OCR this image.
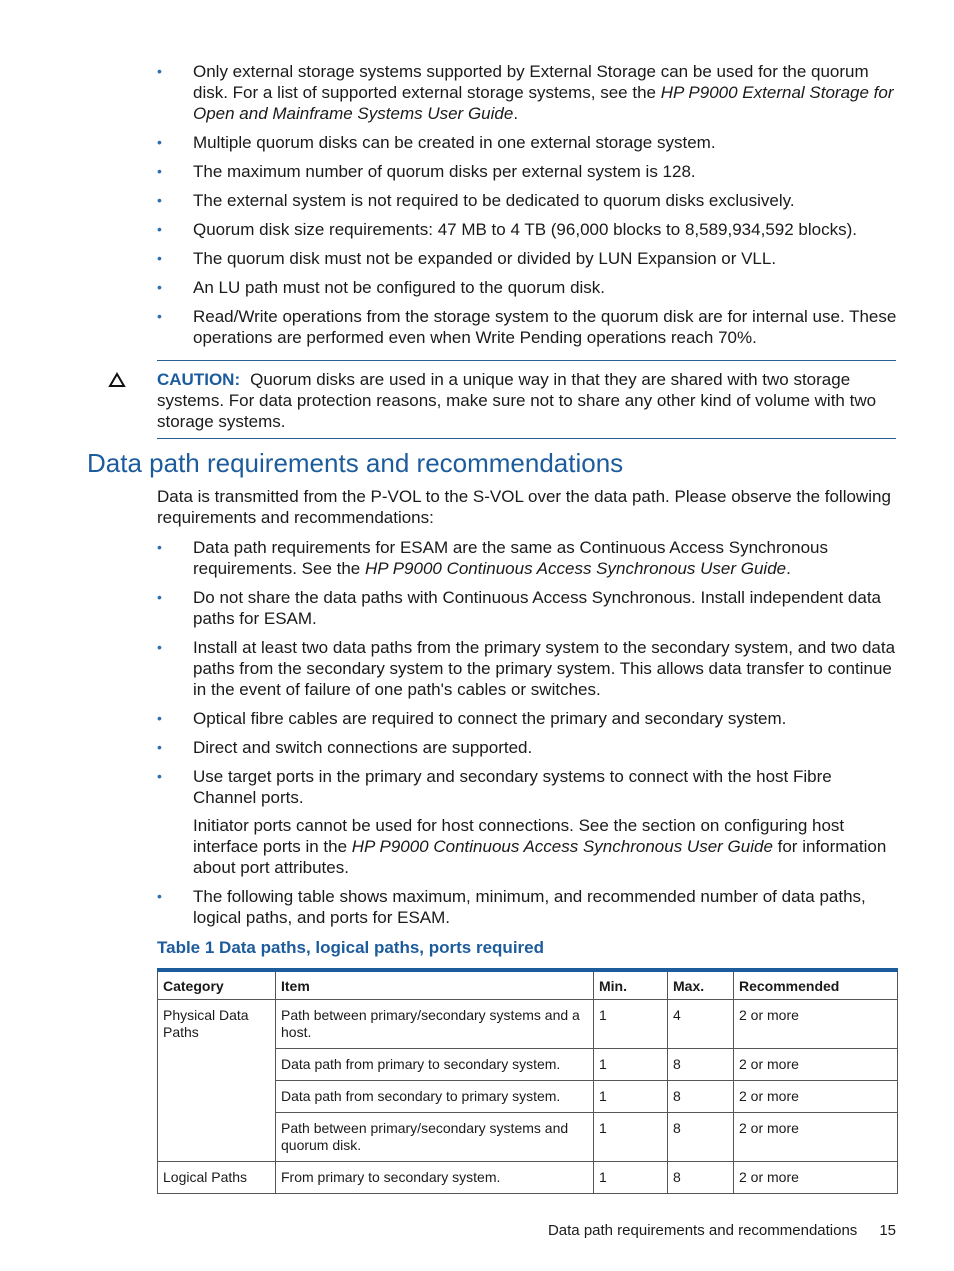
• Only external storage systems supported by External Storage can be used for the quorum disk. For a list of supported external storage systems, see the HP P9000 External Storage for Open and Mainframe Systems User Guide.
• Multiple quorum disks can be created in one external storage system.
• The maximum number of quorum disks per external system is 128.
• The external system is not required to be dedicated to quorum disks exclusively.
• Quorum disk size requirements: 47 MB to 4 TB (96,000 blocks to 8,589,934,592 blocks).
• The quorum disk must not be expanded or divided by LUN Expansion or VLL.
• An LU path must not be configured to the quorum disk.
• Read/Write operations from the storage system to the quorum disk are for internal use. These operations are performed even when Write Pending operations reach 70%.
CAUTION: Quorum disks are used in a unique way in that they are shared with two storage systems. For data protection reasons, make sure not to share any other kind of volume with two storage systems.
Data path requirements and recommendations

Data is transmitted from the P-VOL to the S-VOL over the data path. Please observe the following requirements and recommendations:

• Data path requirements for ESAM are the same as Continuous Access Synchronous requirements. See the HP P9000 Continuous Access Synchronous User Guide.
• Do not share the data paths with Continuous Access Synchronous. Install independent data paths for ESAM.
• Install at least two data paths from the primary system to the secondary system, and two data paths from the secondary system to the primary system. This allows data transfer to continue in the event of failure of one path's cables or switches.
• Optical fibre cables are required to connect the primary and secondary system.
• Direct and switch connections are supported.
• Use target ports in the primary and secondary systems to connect with the host Fibre Channel ports.
Initiator ports cannot be used for host connections. See the section on configuring host interface ports in the HP P9000 Continuous Access Synchronous User Guide for information about port attributes.
• The following table shows maximum, minimum, and recommended number of data paths, logical paths, and ports for ESAM.

Table 1 Data paths, logical paths, ports required

Category	Item	Min.	Max.	Recommended
Physical Data Paths	Path between primary/secondary systems and a host.	1	4	2 or more
	Data path from primary to secondary system.	1	8	2 or more
	Data path from secondary to primary system.	1	8	2 or more
	Path between primary/secondary systems and quorum disk.	1	8	2 or more
Logical Paths	From primary to secondary system.	1	8	2 or more
Data path requirements and recommendations 15
